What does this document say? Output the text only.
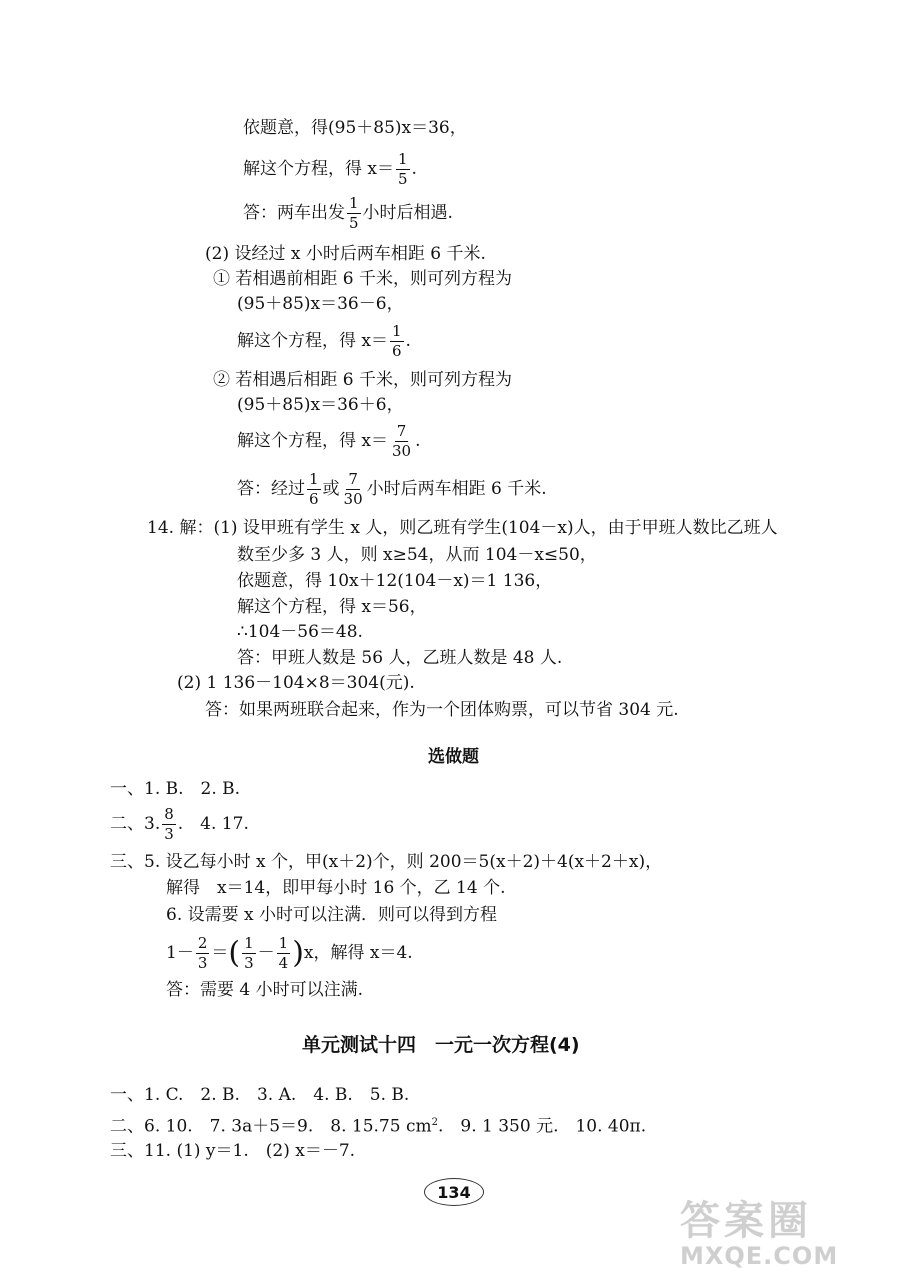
依题意，得(95＋85)x＝36，
解这个方程，得 $x= \frac{1}{5}$ .
答：两车出发 $\frac{1}{5}$ 小时后相遇.
(2) 设经过 x 小时后两车相距 6 千米.
① 若相遇前相距 6 千米，则可列方程为
(95＋85)x＝36－6，
解这个方程，得 $x= \frac{1}{6}$ .
② 若相遇后相距 6 千米，则可列方程为
(95＋85)x＝36＋6，
解这个方程，得 $x= \frac{7}{30}$ .
答：经过 $\frac{1}{6}$ 或 $\frac{7}{30}$ 小时后两车相距 6 千米.
14. 解：(1) 设甲班有学生 x 人，则乙班有学生(104－x)人，由于甲班人数比乙班人
数至少多 3 人，则 x≥54，从而 104－x≤50，
依题意，得 10x＋12(104－x)＝1 136，
解这个方程，得 x＝56，
∴104－56＝48.
答：甲班人数是 56 人，乙班人数是 48 人.
(2) 1 136－104×8＝304(元).
答：如果两班联合起来，作为一个团体购票，可以节省 304 元.
选做题
一、1. B.　2. B.
二、3. $\frac{8}{3}$ .　4. 17.
三、5. 设乙每小时 x 个，甲(x＋2)个，则 200＝5(x＋2)＋4(x＋2＋x)，
解得　x＝14，即甲每小时 16 个，乙 14 个.
6. 设需要 x 小时可以注满．则可以得到方程
$1- \frac{2}{3}$ ＝( $\frac{1}{3} - \frac{1}{4} )x$，解得 x＝4.
答：需要 4 小时可以注满.
单元测试十四　一元一次方程(4)
一、1. C.　2. B.　3. A.　4. B.　5. B.
二、6. 10.　7. 3a＋5＝9.　8. 15.75 $cm^2$.　9. 1 350 元.　10. 40π.
三、11. (1) y＝1.　(2) x＝－7.
134
答案圈
MXQE.COM
